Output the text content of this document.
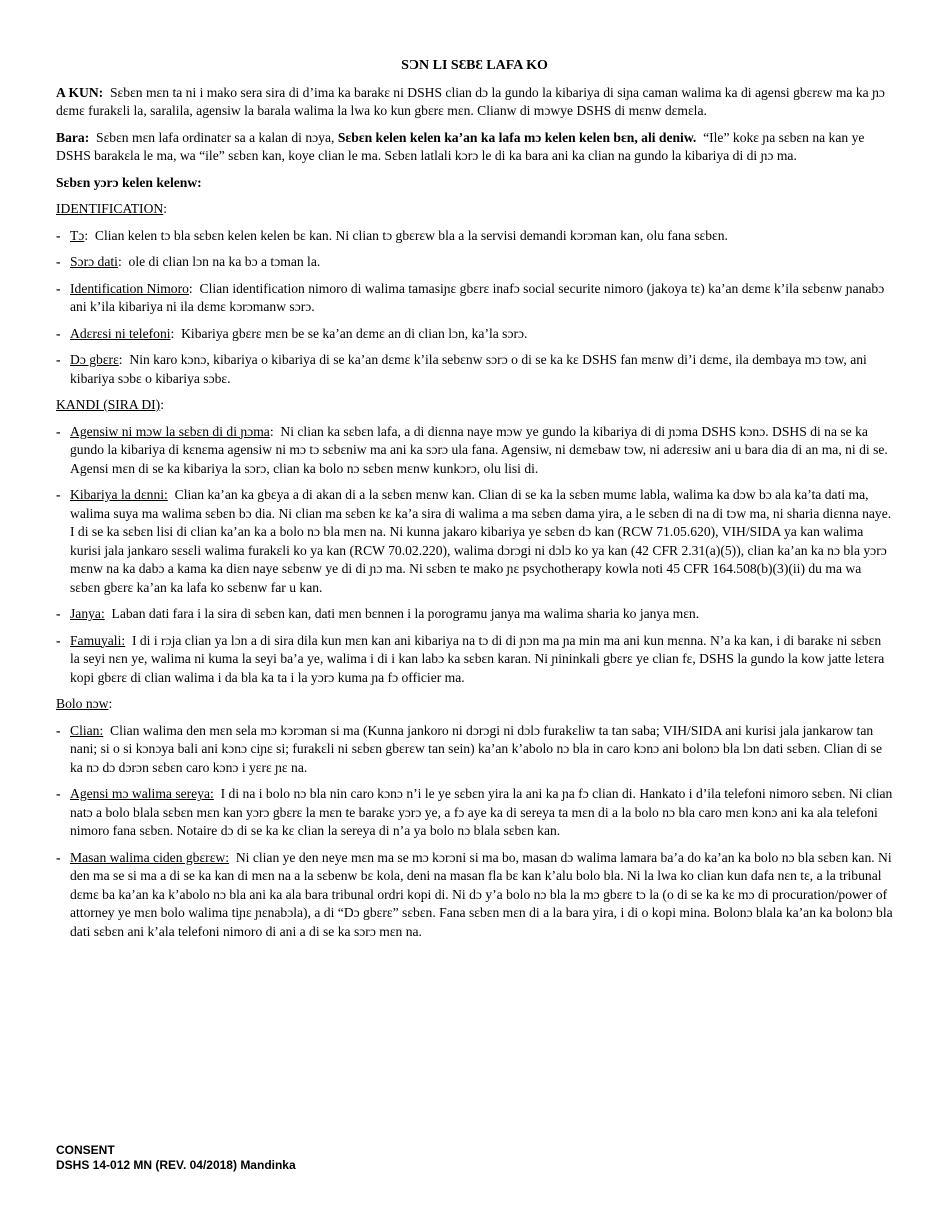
SƆN LI SƐBƐ LAFA KO

A KUN: Sɛbɛn mɛn ta ni i mako sera sira di d’ima ka barakɛ ni DSHS clian dɔ la gundo la kibariya di siɲa caman walima ka di agensi gbɛrɛw ma ka ɲɔ dɛmɛ furakɛli la, saralila, agensiw la barala walima la lwa ko kun gbɛrɛ mɛn. Clianw di mɔwye DSHS di mɛnw dɛmɛla.

Bara: Sɛbɛn mɛn lafa ordinatɛr sa a kalan di nɔya, Sɛbɛn kelen kelen ka’an ka lafa mɔ kelen kelen bɛn, ali deniw. “Ile” kokɛ ɲa sɛbɛn na kan ye DSHS barakɛla le ma, wa “ile” sɛbɛn kan, koye clian le ma. Sɛbɛn latlali kɔrɔ le di ka bara ani ka clian na gundo la kibariya di di ɲɔ ma.

Sɛbɛn yɔrɔ kelen kelenw:

IDENTIFICATION:
- Tɔ:  Clian kelen tɔ bla sɛbɛn kelen kelen bɛ kan. Ni clian tɔ gbɛrɛw bla a la servisi demandi kɔrɔman kan, olu fana sɛbɛn.
- Sɔrɔ dati:  ole di clian lɔn na ka bɔ a tɔman la.
- Identification Nimoro:  Clian identification nimoro di walima tamasiɲɛ gbɛrɛ inafɔ social securite nimoro (jakoya tɛ) ka’an dɛmɛ k’ila sɛbɛnw ɲanabɔ ani k’ila kibariya ni ila dɛmɛ kɔrɔmanw sɔrɔ.
- Adɛrɛsi ni telefoni:  Kibariya gbɛrɛ mɛn be se ka’an dɛmɛ an di clian lɔn, ka’la sɔrɔ.
- Dɔ gbɛrɛ:  Nin karo kɔnɔ, kibariya o kibariya di se ka’an dɛmɛ k’ila sebɛnw sɔrɔ o di se ka kɛ DSHS fan mɛnw di’i dɛmɛ, ila dembaya mɔ tɔw, ani kibariya sɔbɛ o kibariya sɔbɛ.
KANDI (SIRA DI):
- Agensiw ni mɔw la sɛbɛn di di ɲɔma:  Ni clian ka sɛbɛn lafa, a di diɛnna naye mɔw ye gundo la kibariya di di ɲɔma DSHS kɔnɔ. DSHS di na se ka gundo la kibariya di kɛnɛma agensiw ni mɔ tɔ sɛbɛniw ma ani ka sɔrɔ ula fana. Agensiw, ni dɛmɛbaw tɔw, ni adɛrɛsiw ani u bara dia di an ma, ni di se. Agensi mɛn di se ka kibariya la sɔrɔ, clian ka bolo nɔ sɛbɛn mɛnw kunkɔrɔ, olu lisi di.
- Kibariya la dɛnni: Clian ka’an ka gbɛya a di akan di a la sɛbɛn mɛnw kan. Clian di se ka la sɛbɛn mumɛ labla, walima ka dɔw bɔ ala ka’ta dati ma, walima suya ma walima sɛbɛn bɔ dia. Ni clian ma sɛbɛn kɛ ka’a sira di walima a ma sɛbɛn dama yira, a le sɛbɛn di na di tɔw ma, ni sharia diɛnna naye. I di se ka sɛbɛn lisi di clian ka’an ka a bolo nɔ bla mɛn na. Ni kunna jakaro kibariya ye sɛbɛn dɔ kan (RCW 71.05.620), VIH/SIDA ya kan walima kurisi jala jankaro sɛsɛli walima furakɛli ko ya kan (RCW 70.02.220), walima dɔrɔgi ni dɔlɔ ko ya kan (42 CFR 2.31(a)(5)), clian ka’an ka nɔ bla yɔrɔ mɛnw na ka dabɔ a kama ka diɛn naye sɛbɛnw ye di di ɲɔ ma. Ni sɛbɛn te mako ɲɛ psychotherapy kowla noti 45 CFR 164.508(b)(3)(ii) du ma wa sɛbɛn gbɛrɛ ka’an ka lafa ko sɛbɛnw far u kan.
- Janya: Laban dati fara i la sira di sɛbɛn kan, dati mɛn bɛnnen i la porogramu janya ma walima sharia ko janya mɛn.
- Famuyali: I di i rɔja clian ya lɔn a di sira dila kun mɛn kan ani kibariya na tɔ di di ɲɔn ma ɲa min ma ani kun mɛnna. N’a ka kan, i di barakɛ ni sɛbɛn la seyi nɛn ye, walima ni kuma la seyi ba’a ye, walima i di i kan labɔ ka sɛbɛn karan. Ni ɲininkali gbɛrɛ ye clian fɛ, DSHS la gundo la kow jatte lɛtɛra kopi gbɛrɛ di clian walima i da bla ka ta i la yɔrɔ kuma ɲa fɔ officier ma.
Bolo nɔw:
- Clian: Clian walima den mɛn sela mɔ kɔrɔman si ma (Kunna jankoro ni dɔrɔgi ni dɔlɔ furakɛliw ta tan saba; VIH/SIDA ani kurisi jala jankarow tan nani; si o si kɔnɔya bali ani kɔnɔ ciɲɛ si; furakɛli ni sɛbɛn gbɛrɛw tan sein) ka’an k’abolo nɔ bla in caro kɔnɔ ani bolonɔ bla lɔn dati sɛbɛn. Clian di se ka nɔ dɔ dɔrɔn sɛbɛn caro kɔnɔ i yɛrɛ ɲɛ na.
- Agensi mɔ walima sereya: I di na i bolo nɔ bla nin caro kɔnɔ n’i le ye sɛbɛn yira la ani ka ɲa fɔ clian di. Hankato i d’ila telefoni nimoro sɛbɛn. Ni clian natɔ a bolo blala sɛbɛn mɛn kan yɔrɔ gbɛrɛ la mɛn te barakɛ yɔrɔ ye, a fɔ aye ka di sereya ta mɛn di a la bolo nɔ bla caro mɛn kɔnɔ ani ka ala telefoni nimoro fana sɛbɛn. Notaire dɔ di se ka kɛ clian la sereya di n’a ya bolo nɔ blala sɛbɛn kan.
- Masan walima ciden gbɛrɛw: Ni clian ye den neye mɛn ma se mɔ kɔrɔni si ma bo, masan dɔ walima lamara ba’a do ka’an ka bolo nɔ bla sɛbɛn kan. Ni den ma se si ma a di se ka kan di mɛn na a la sɛbenw bɛ kola, deni na masan fla bɛ kan k’alu bolo bla. Ni la lwa ko clian kun dafa nɛn tɛ, a la tribunal dɛmɛ ba ka’an ka k’abolo nɔ bla ani ka ala bara tribunal ordri kopi di. Ni dɔ y’a bolo nɔ bla la mɔ gbɛrɛ tɔ la (o di se ka kɛ mɔ di procuration/power of attorney ye mɛn bolo walima tiɲɛ ɲɛnabɔla), a di “Dɔ gbɛrɛ” sɛbɛn. Fana sɛbɛn mɛn di a la bara yira, i di o kopi mina. Bolonɔ blala ka’an ka bolonɔ bla dati sɛbɛn ani k’ala telefoni nimoro di ani a di se ka sɔrɔ mɛn na.
CONSENT
DSHS 14-012 MN (REV. 04/2018) Mandinka
